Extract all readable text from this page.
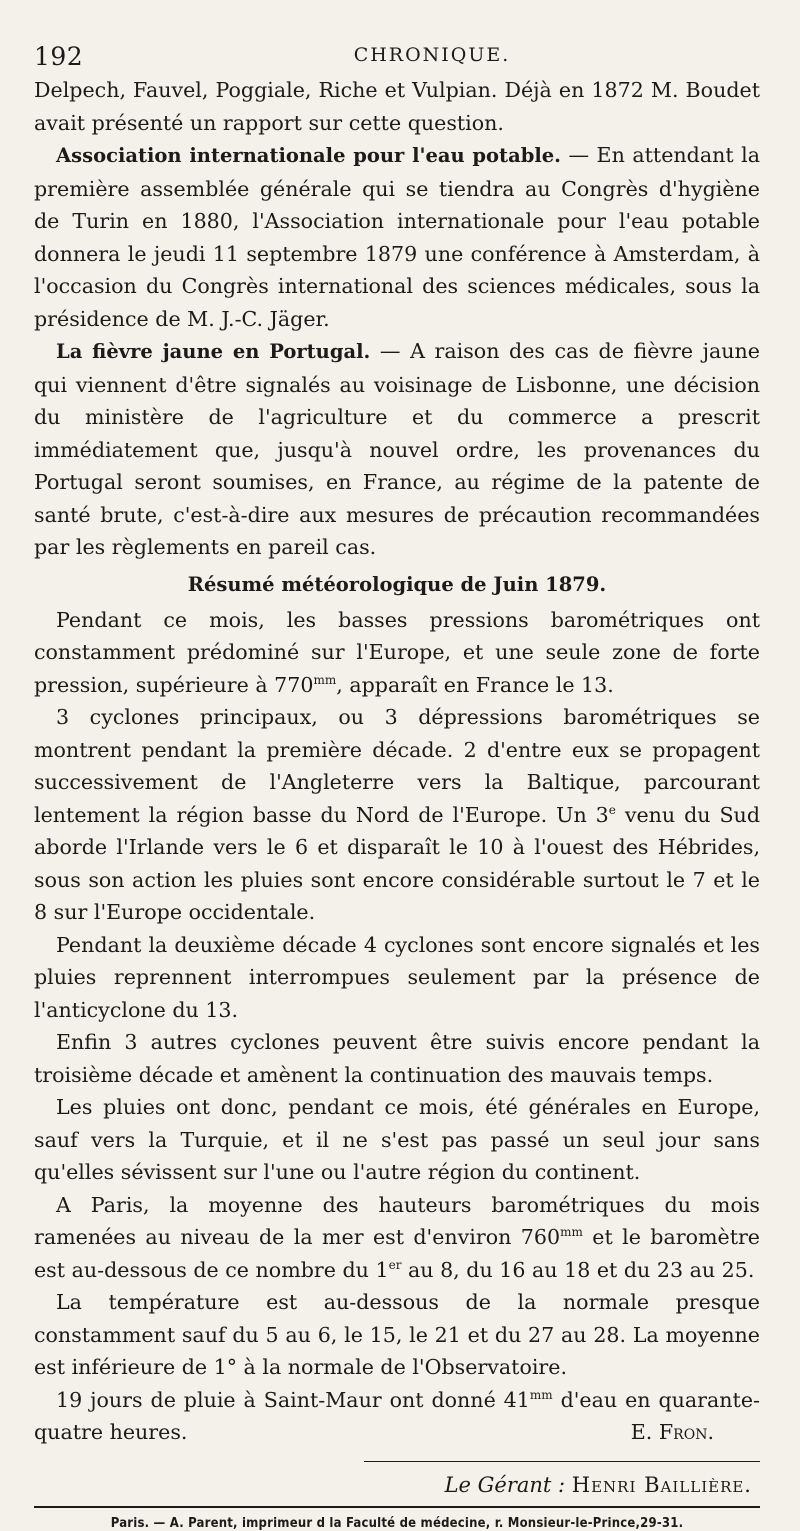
192	CHRONIQUE.

Delpech, Fauvel, Poggiale, Riche et Vulpian. Déjà en 1872 M. Boudet avait présenté un rapport sur cette question.

Association internationale pour l'eau potable. — En attendant la première assemblée générale qui se tiendra au Congrès d'hygiène de Turin en 1880, l'Association internationale pour l'eau potable donnera le jeudi 11 septembre 1879 une conférence à Amsterdam, à l'occasion du Congrès international des sciences médicales, sous la présidence de M. J.-C. Jäger.

La fièvre jaune en Portugal. — A raison des cas de fièvre jaune qui viennent d'être signalés au voisinage de Lisbonne, une décision du ministère de l'agriculture et du commerce a prescrit immédiatement que, jusqu'à nouvel ordre, les provenances du Portugal seront soumises, en France, au régime de la patente de santé brute, c'est-à-dire aux mesures de précaution recommandées par les règlements en pareil cas.

Résumé météorologique de Juin 1879.

Pendant ce mois, les basses pressions barométriques ont constamment prédominé sur l'Europe, et une seule zone de forte pression, supérieure à $770^{mm}$, apparaît en France le 13.

3 cyclones principaux, ou 3 dépressions barométriques se montrent pendant la première décade. 2 d'entre eux se propagent successivement de l'Angleterre vers la Baltique, parcourant lentement la région basse du Nord de l'Europe. Un 3e venu du Sud aborde l'Irlande vers le 6 et disparaît le 10 à l'ouest des Hébrides, sous son action les pluies sont encore considérable surtout le 7 et le 8 sur l'Europe occidentale.

Pendant la deuxième décade 4 cyclones sont encore signalés et les pluies reprennent interrompues seulement par la présence de l'anticyclone du 13.

Enfin 3 autres cyclones peuvent être suivis encore pendant la troisième décade et amènent la continuation des mauvais temps.

Les pluies ont donc, pendant ce mois, été générales en Europe, sauf vers la Turquie, et il ne s'est pas passé un seul jour sans qu'elles sévissent sur l'une ou l'autre région du continent.

A Paris, la moyenne des hauteurs barométriques du mois ramenées au niveau de la mer est d'environ $760^{mm}$ et le baromètre est au-dessous de ce nombre du 1er au 8, du 16 au 18 et du 23 au 25.

La température est au-dessous de la normale presque constamment sauf du 5 au 6, le 15, le 21 et du 27 au 28. La moyenne est inférieure de 1° à la normale de l'Observatoire.

19 jours de pluie à Saint-Maur ont donné $41^{mm}$ d'eau en quarante-quatre heures.	E. Fron.
Le Gérant : Henri Baillière.
Paris. — A. Parent, imprimeur d la Faculté de médecine, r. Monsieur-le-Prince,29-31.
